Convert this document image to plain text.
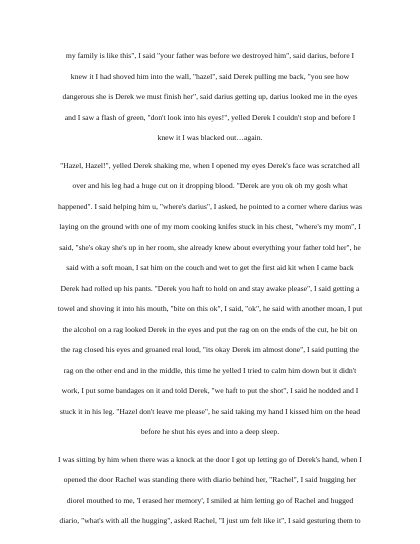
my family is like this", I said "your father was before we destroyed him", said darius, before I
knew it I had shoved him into the wall, "hazel", said Derek pulling me back, "you see how
dangerous she is Derek we must finish her", said darius getting up, darius looked me in the eyes
and I saw a flash of green, "don't look into his eyes!", yelled Derek I couldn't stop and before I
knew it I was blacked out…again.

"Hazel, Hazel!", yelled Derek shaking me, when I opened my eyes Derek's face was scratched all
over and his leg had a huge cut on it dropping blood. "Derek are you ok oh my gosh what
happened". I said helping him u, "where's darius", I asked, he pointed to a corner where darius was
laying on the ground with one of my mom cooking knifes stuck in his chest, "where's my mom", I
said, "she's okay she's up in her room, she already knew about everything your father told her", he
said with a soft moan, I sat him on the couch and wet to get the first aid kit when I came back
Derek had rolled up his pants. "Derek you haft to hold on and stay awake please", I said getting a
towel and shoving it into his mouth, "bite on this ok", I said, "ok", he said with another moan, I put
the alcohol on a rag looked Derek in the eyes and put the rag on on the ends of the cut, he bit on
the rag closed his eyes and groaned real loud, "its okay Derek im almost done", I said putting the
rag on the other end and in the middle, this time he yelled I tried to calm him down but it didn't
work, I put some bandages on it and told Derek, "we haft to put the shot", I said he nodded and I
stuck it in his leg. "Hazel don't leave me please", he said taking my hand I kissed him on the head
before he shut his eyes and into a deep sleep.

I was sitting by him when there was a knock at the door I got up letting go of Derek's hand, when I
opened the door Rachel was standing there with diario behind her, "Rachel", I said hugging her
diorel mouthed to me, 'I erased her memory', I smiled at him letting go of Rachel and hugged
diario, "what's with all the hugging", asked Rachel, "I just um felt like it", I said gesturing them to
